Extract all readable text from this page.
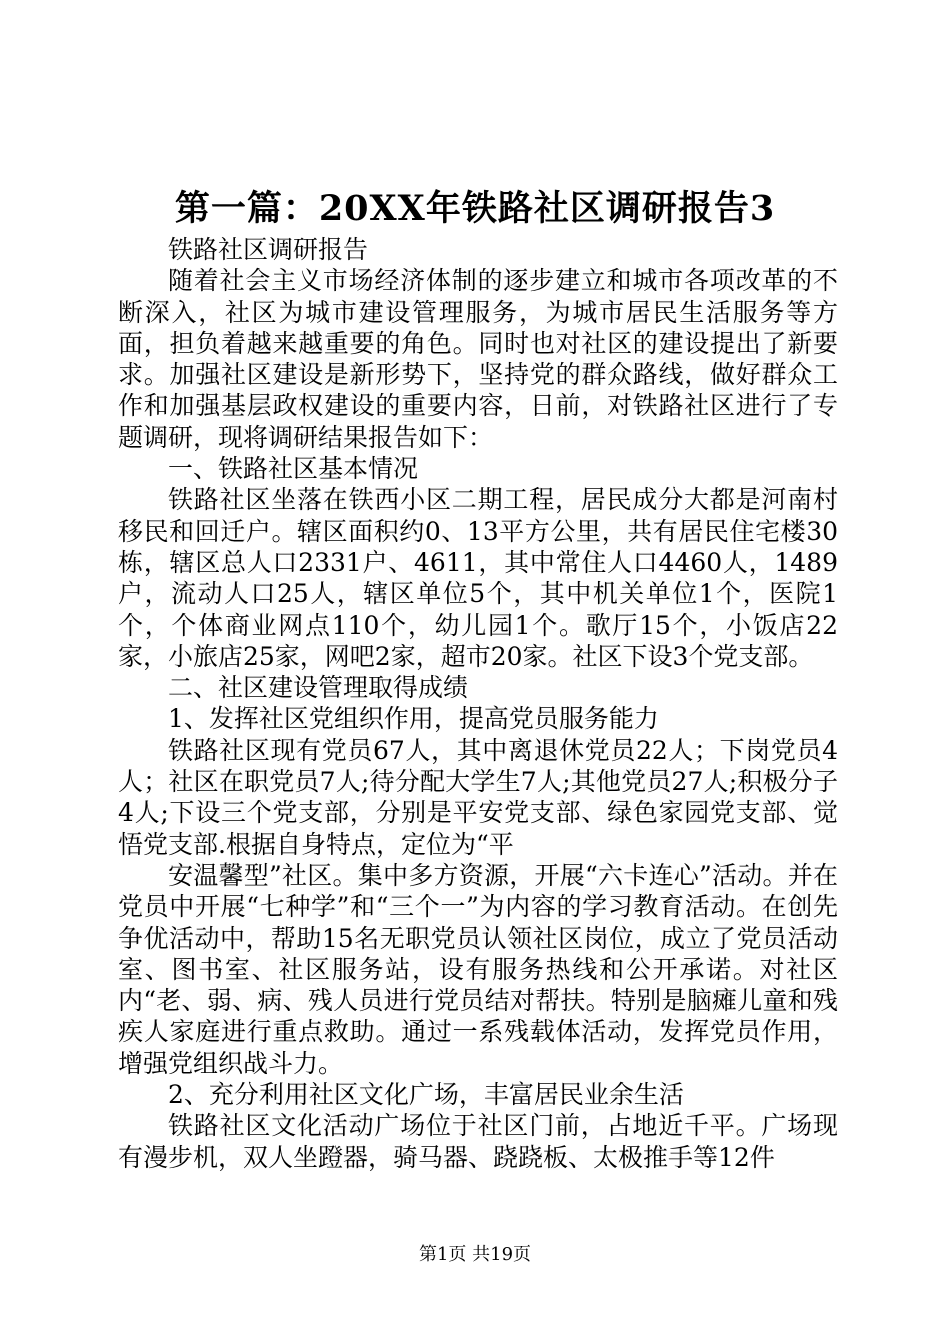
第一篇：20XX年铁路社区调研报告3

铁路社区调研报告

随着社会主义市场经济体制的逐步建立和城市各项改革的不断深入，社区为城市建设管理服务，为城市居民生活服务等方面，担负着越来越重要的角色。同时也对社区的建设提出了新要求。加强社区建设是新形势下，坚持党的群众路线，做好群众工作和加强基层政权建设的重要内容，日前，对铁路社区进行了专题调研，现将调研结果报告如下：

一、铁路社区基本情况

铁路社区坐落在铁西小区二期工程，居民成分大都是河南村移民和回迁户。辖区面积约0、13平方公里，共有居民住宅楼30栋，辖区总人口2331户、4611，其中常住人口4460人，1489户，流动人口25人，辖区单位5个，其中机关单位1个，医院1个，个体商业网点110个，幼儿园1个。歌厅15个，小饭店22家，小旅店25家，网吧2家，超市20家。社区下设3个党支部。

二、社区建设管理取得成绩

1、发挥社区党组织作用，提高党员服务能力

铁路社区现有党员67人，其中离退休党员22人；下岗党员4人；社区在职党员7人;待分配大学生7人;其他党员27人;积极分子4人;下设三个党支部，分别是平安党支部、绿色家园党支部、觉悟党支部.根据自身特点，定位为“平

安温馨型”社区。集中多方资源，开展“六卡连心”活动。并在党员中开展“七种学”和“三个一”为内容的学习教育活动。在创先争优活动中，帮助15名无职党员认领社区岗位，成立了党员活动室、图书室、社区服务站，设有服务热线和公开承诺。对社区内“老、弱、病、残人员进行党员结对帮扶。特别是脑瘫儿童和残疾人家庭进行重点救助。通过一系残载体活动，发挥党员作用，增强党组织战斗力。

2、充分利用社区文化广场，丰富居民业余生活

铁路社区文化活动广场位于社区门前，占地近千平。广场现有漫步机，双人坐蹬器，骑马器、跷跷板、太极推手等12件

第1页 共19页
